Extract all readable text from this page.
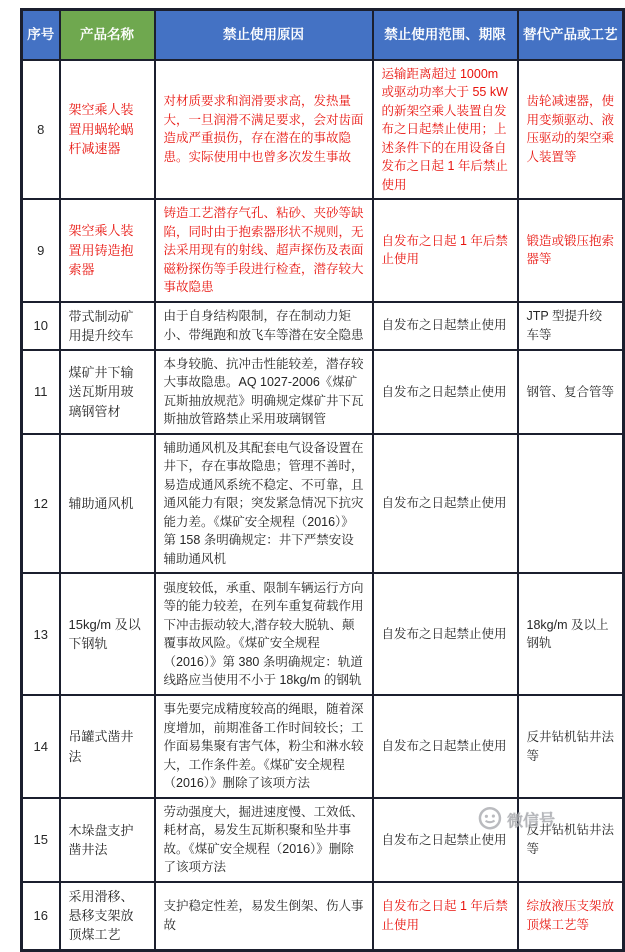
序号	产品名称	禁止使用原因	禁止使用范围、期限	替代产品或工艺
8	架空乘人装置用蜗轮蜗杆减速器	对材质要求和润滑要求高，发热量大，一旦润滑不满足要求，会对齿面造成严重损伤，存在潜在的事故隐患。实际使用中也曾多次发生事故	运输距离超过 1000m 或驱动功率大于 55 kW 的新架空乘人装置自发布之日起禁止使用；上述条件下的在用设备自发布之日起 1 年后禁止使用	齿轮减速器，使用变频驱动、液压驱动的架空乘人装置等
9	架空乘人装置用铸造抱索器	铸造工艺潜存气孔、粘砂、夹砂等缺陷，同时由于抱索器形状不规则，无法采用现有的射线、超声探伤及表面磁粉探伤等手段进行检查，潜存较大事故隐患	自发布之日起 1 年后禁止使用	锻造或锻压抱索器等
10	带式制动矿用提升绞车	由于自身结构限制，存在制动力矩小、带绳跑和放飞车等潜在安全隐患	自发布之日起禁止使用	JTP 型提升绞车等
11	煤矿井下输送瓦斯用玻璃钢管材	本身较脆、抗冲击性能较差，潜存较大事故隐患。AQ 1027-2006《煤矿瓦斯抽放规范》明确规定煤矿井下瓦斯抽放管路禁止采用玻璃钢管	自发布之日起禁止使用	钢管、复合管等
12	辅助通风机	辅助通风机及其配套电气设备设置在井下，存在事故隐患；管理不善时，易造成通风系统不稳定、不可靠，且通风能力有限；突发紧急情况下抗灾能力差。《煤矿安全规程（2016）》第 158 条明确规定：井下严禁安设辅助通风机	自发布之日起禁止使用	
13	15kg/m 及以下钢轨	强度较低，承重、限制车辆运行方向等的能力较差，在列车重复荷载作用下冲击振动较大,潜存较大脱轨、颠覆事故风险。《煤矿安全规程（2016）》第 380 条明确规定：轨道线路应当使用不小于 18kg/m 的钢轨	自发布之日起禁止使用	18kg/m 及以上钢轨
14	吊罐式凿井法	事先要完成精度较高的绳眼，随着深度增加，前期准备工作时间较长；工作面易集聚有害气体，粉尘和淋水较大，工作条件差。《煤矿安全规程（2016）》删除了该项方法	自发布之日起禁止使用	反井钻机钻井法等
15	木垛盘支护凿井法	劳动强度大，掘进速度慢、工效低、耗材高，易发生瓦斯积聚和坠井事故。《煤矿安全规程（2016）》删除了该项方法	自发布之日起禁止使用	反井钻机钻井法等
16	采用滑移、悬移支架放顶煤工艺	支护稳定性差，易发生倒架、伤人事故	自发布之日起 1 年后禁止使用	综放液压支架放顶煤工艺等
微信号
